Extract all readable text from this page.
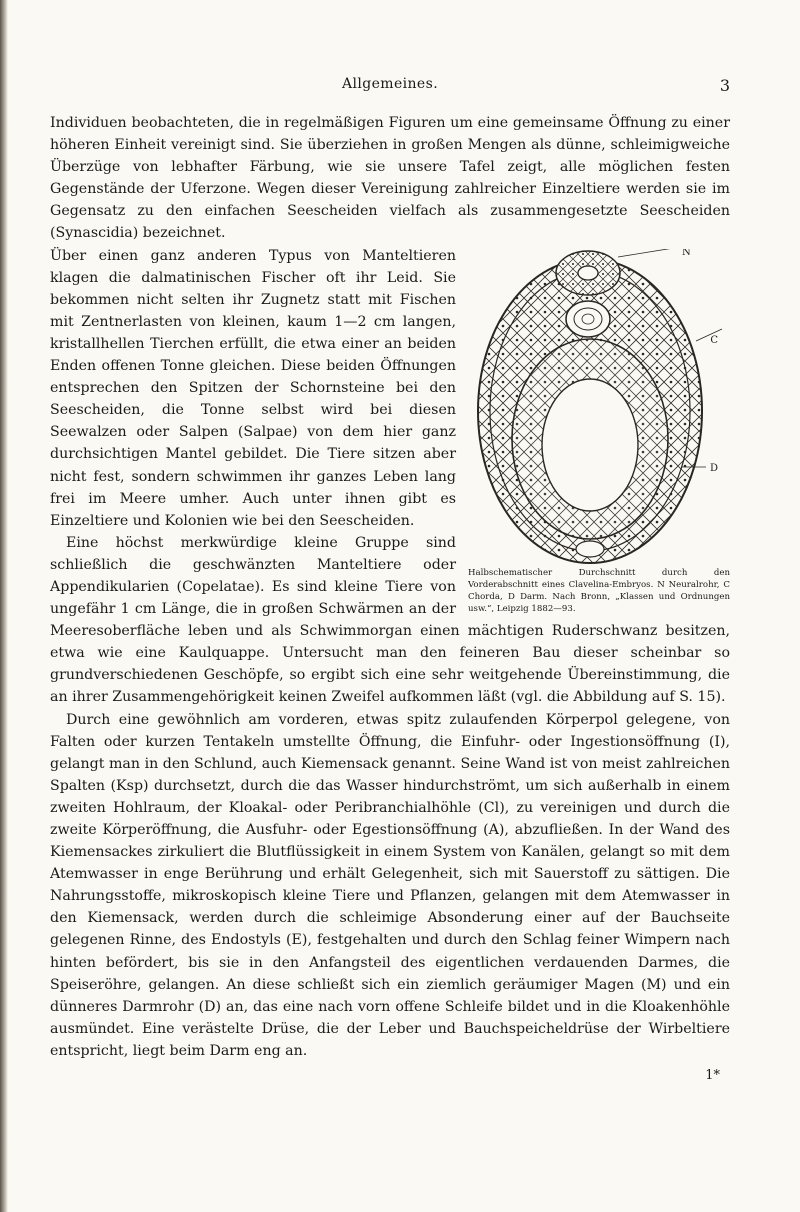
Allgemeines.	3

Individuen beobachteten, die in regelmäßigen Figuren um eine gemeinsame Öffnung zu einer höheren Einheit vereinigt sind. Sie überziehen in großen Mengen als dünne, schleimigweiche Überzüge von lebhafter Färbung, wie sie unsere Tafel zeigt, alle möglichen festen Gegenstände der Uferzone. Wegen dieser Vereinigung zahlreicher Einzeltiere werden sie im Gegensatz zu den einfachen Seescheiden vielfach als zusammengesetzte Seescheiden (Synascidia) bezeichnet.

N
C
D
Halbschematischer Durchschnitt durch den Vorderabschnitt eines Clavelina-Embryos. N Neuralrohr, C Chorda, D Darm. Nach Bronn, „Klassen und Ordnungen usw.“, Leipzig 1882—93.

Über einen ganz anderen Typus von Manteltieren klagen die dalmatinischen Fischer oft ihr Leid. Sie bekommen nicht selten ihr Zugnetz statt mit Fischen mit Zentnerlasten von kleinen, kaum 1—2 cm langen, kristallhellen Tierchen erfüllt, die etwa einer an beiden Enden offenen Tonne gleichen. Diese beiden Öffnungen entsprechen den Spitzen der Schornsteine bei den Seescheiden, die Tonne selbst wird bei diesen Seewalzen oder Salpen (Salpae) von dem hier ganz durchsichtigen Mantel gebildet. Die Tiere sitzen aber nicht fest, sondern schwimmen ihr ganzes Leben lang frei im Meere umher. Auch unter ihnen gibt es Einzeltiere und Kolonien wie bei den Seescheiden.

Eine höchst merkwürdige kleine Gruppe sind schließlich die geschwänzten Manteltiere oder Appendikularien (Copelatae). Es sind kleine Tiere von ungefähr 1 cm Länge, die in großen Schwärmen an der Meeresoberfläche leben und als Schwimmorgan einen mächtigen Ruderschwanz besitzen, etwa wie eine Kaulquappe. Untersucht man den feineren Bau dieser scheinbar so grundverschiedenen Geschöpfe, so ergibt sich eine sehr weitgehende Übereinstimmung, die an ihrer Zusammengehörigkeit keinen Zweifel aufkommen läßt (vgl. die Abbildung auf S. 15).

Durch eine gewöhnlich am vorderen, etwas spitz zulaufenden Körperpol gelegene, von Falten oder kurzen Tentakeln umstellte Öffnung, die Einfuhr- oder Ingestionsöffnung (I), gelangt man in den Schlund, auch Kiemensack genannt. Seine Wand ist von meist zahlreichen Spalten (Ksp) durchsetzt, durch die das Wasser hindurchströmt, um sich außerhalb in einem zweiten Hohlraum, der Kloakal- oder Peribranchialhöhle (Cl), zu vereinigen und durch die zweite Körperöffnung, die Ausfuhr- oder Egestionsöffnung (A), abzufließen. In der Wand des Kiemensackes zirkuliert die Blutflüssigkeit in einem System von Kanälen, gelangt so mit dem Atemwasser in enge Berührung und erhält Gelegenheit, sich mit Sauerstoff zu sättigen. Die Nahrungsstoffe, mikroskopisch kleine Tiere und Pflanzen, gelangen mit dem Atemwasser in den Kiemensack, werden durch die schleimige Absonderung einer auf der Bauchseite gelegenen Rinne, des Endostyls (E), festgehalten und durch den Schlag feiner Wimpern nach hinten befördert, bis sie in den Anfangsteil des eigentlichen verdauenden Darmes, die Speiseröhre, gelangen. An diese schließt sich ein ziemlich geräumiger Magen (M) und ein dünneres Darmrohr (D) an, das eine nach vorn offene Schleife bildet und in die Kloakenhöhle ausmündet. Eine verästelte Drüse, die der Leber und Bauchspeicheldrüse der Wirbeltiere entspricht, liegt beim Darm eng an.

1*
